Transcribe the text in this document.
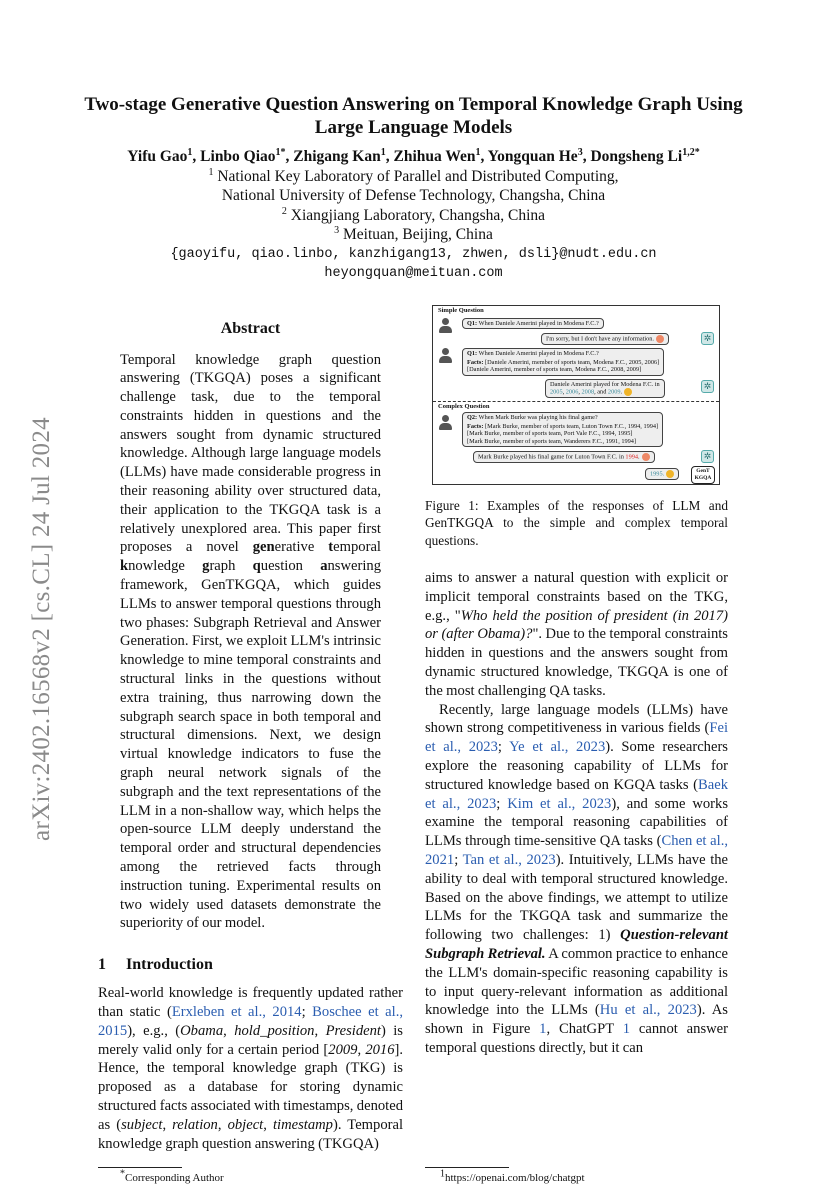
arXiv:2402.16568v2 [cs.CL] 24 Jul 2024
Two-stage Generative Question Answering on Temporal Knowledge Graph Using Large Language Models
Yifu Gao$^1$, Linbo Qiao$^{1*}$, Zhigang Kan$^1$, Zhihua Wen$^1$, Yongquan He$^3$, Dongsheng $Li^{1,2*}$
$^1$ National Key Laboratory of Parallel and Distributed Computing,
National University of Defense Technology, Changsha, China
$^2$ Xiangjiang Laboratory, Changsha, China
$^3$ Meituan, Beijing, China
{gaoyifu, qiao.linbo, kanzhigang13, zhwen, dsli}@nudt.edu.cn
heyongquan@meituan.com
Abstract
Temporal knowledge graph question answering (TKGQA) poses a significant challenge task, due to the temporal constraints hidden in questions and the answers sought from dynamic structured knowledge. Although large language models (LLMs) have made considerable progress in their reasoning ability over structured data, their application to the TKGQA task is a relatively unexplored area. This paper first proposes a novel generative temporal knowledge graph question answering framework, GenTKGQA, which guides LLMs to answer temporal questions through two phases: Subgraph Retrieval and Answer Generation. First, we exploit LLM's intrinsic knowledge to mine temporal constraints and structural links in the questions without extra training, thus narrowing down the subgraph search space in both temporal and structural dimensions. Next, we design virtual knowledge indicators to fuse the graph neural network signals of the subgraph and the text representations of the LLM in a non-shallow way, which helps the open-source LLM deeply understand the temporal order and structural dependencies among the retrieved facts through instruction tuning. Experimental results on two widely used datasets demonstrate the superiority of our model.
1 Introduction
Real-world knowledge is frequently updated rather than static (Erxleben et al., 2014; Boschee et al., 2015), e.g., (Obama, hold_position, President) is merely valid only for a certain period [2009, 2016]. Hence, the temporal knowledge graph (TKG) is proposed as a database for storing dynamic structured facts associated with timestamps, denoted as (subject, relation, object, timestamp). Temporal knowledge graph question answering (TKGQA)
*Corresponding Author
Simple Question
Q1: When Daniele Amerini played in Modena F.C.?
I'm sorry, but I don't have any information.	✲
Q1: When Daniele Amerini played in Modena F.C.?
Facts: [Daniele Amerini, member of sports team, Modena F.C., 2005, 2006]
[Daniele Amerini, member of sports team, Modena F.C., 2008, 2009]
Daniele Amerini played for Modena F.C. in
2005, 2006, 2008, and 2009.
✲
Complex Question
Q2: When Mark Burke was playing his final game?
Facts: [Mark Burke, member of sports team, Luton Town F.C., 1994, 1994]
[Mark Burke, member of sports team, Port Vale F.C., 1994, 1995]
[Mark Burke, member of sports team, Wanderers F.C., 1991, 1994]
Mark Burke played his final game for Luton Town F.C. in 1994.	✲
1995.	GenT
KGQA
Figure 1: Examples of the responses of LLM and GenTKGQA to the simple and complex temporal questions.
aims to answer a natural question with explicit or implicit temporal constraints based on the TKG, e.g., "Who held the position of president (in 2017) or (after Obama)?". Due to the temporal constraints hidden in questions and the answers sought from dynamic structured knowledge, TKGQA is one of the most challenging QA tasks.
Recently, large language models (LLMs) have shown strong competitiveness in various fields (Fei et al., 2023; Ye et al., 2023). Some researchers explore the reasoning capability of LLMs for structured knowledge based on KGQA tasks (Baek et al., 2023; Kim et al., 2023), and some works examine the temporal reasoning capabilities of LLMs through time-sensitive QA tasks (Chen et al., 2021; Tan et al., 2023). Intuitively, LLMs have the ability to deal with temporal structured knowledge. Based on the above findings, we attempt to utilize LLMs for the TKGQA task and summarize the following two challenges: 1) Question-relevant Subgraph Retrieval. A common practice to enhance the LLM's domain-specific reasoning capability is to input query-relevant information as additional knowledge into the LLMs (Hu et al., 2023). As shown in Figure 1, ChatGPT 1 cannot answer temporal questions directly, but it can
$^1$https://openai.com/blog/chatgpt
